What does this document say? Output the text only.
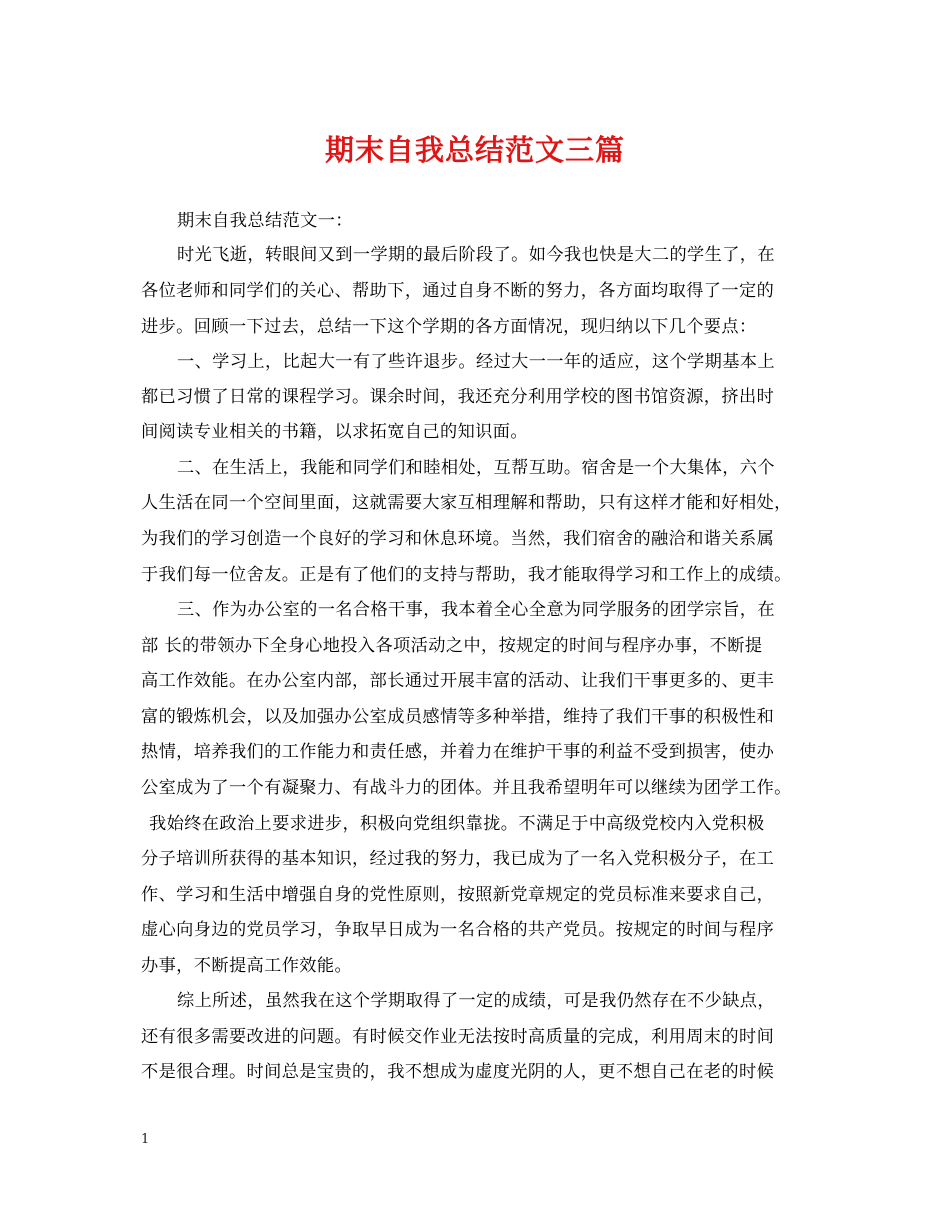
期末自我总结范文三篇
期末自我总结范文一：
时光飞逝，转眼间又到一学期的最后阶段了。如今我也快是大二的学生了，在
各位老师和同学们的关心、帮助下，通过自身不断的努力，各方面均取得了一定的
进步。回顾一下过去，总结一下这个学期的各方面情况，现归纳以下几个要点：
一、学习上，比起大一有了些许退步。经过大一一年的适应，这个学期基本上
都已习惯了日常的课程学习。课余时间，我还充分利用学校的图书馆资源，挤出时
间阅读专业相关的书籍，以求拓宽自己的知识面。
二、在生活上，我能和同学们和睦相处，互帮互助。宿舍是一个大集体，六个
人生活在同一个空间里面，这就需要大家互相理解和帮助，只有这样才能和好相处，
为我们的学习创造一个良好的学习和休息环境。当然，我们宿舍的融洽和谐关系属
于我们每一位舍友。正是有了他们的支持与帮助，我才能取得学习和工作上的成绩。
三、作为办公室的一名合格干事，我本着全心全意为同学服务的团学宗旨，在
部 长的带领办下全身心地投入各项活动之中，按规定的时间与程序办事，不断提
高工作效能。在办公室内部，部长通过开展丰富的活动、让我们干事更多的、更丰
富的锻炼机会，以及加强办公室成员感情等多种举措，维持了我们干事的积极性和
热情，培养我们的工作能力和责任感，并着力在维护干事的利益不受到损害，使办
公室成为了一个有凝聚力、有战斗力的团体。并且我希望明年可以继续为团学工作。
我始终在政治上要求进步，积极向党组织靠拢。不满足于中高级党校内入党积极
分子培训所获得的基本知识，经过我的努力，我已成为了一名入党积极分子，在工
作、学习和生活中增强自身的党性原则，按照新党章规定的党员标准来要求自己，
虚心向身边的党员学习，争取早日成为一名合格的共产党员。按规定的时间与程序
办事，不断提高工作效能。
综上所述，虽然我在这个学期取得了一定的成绩，可是我仍然存在不少缺点，
还有很多需要改进的问题。有时候交作业无法按时高质量的完成，利用周末的时间
不是很合理。时间总是宝贵的，我不想成为虚度光阴的人，更不想自己在老的时候
1
